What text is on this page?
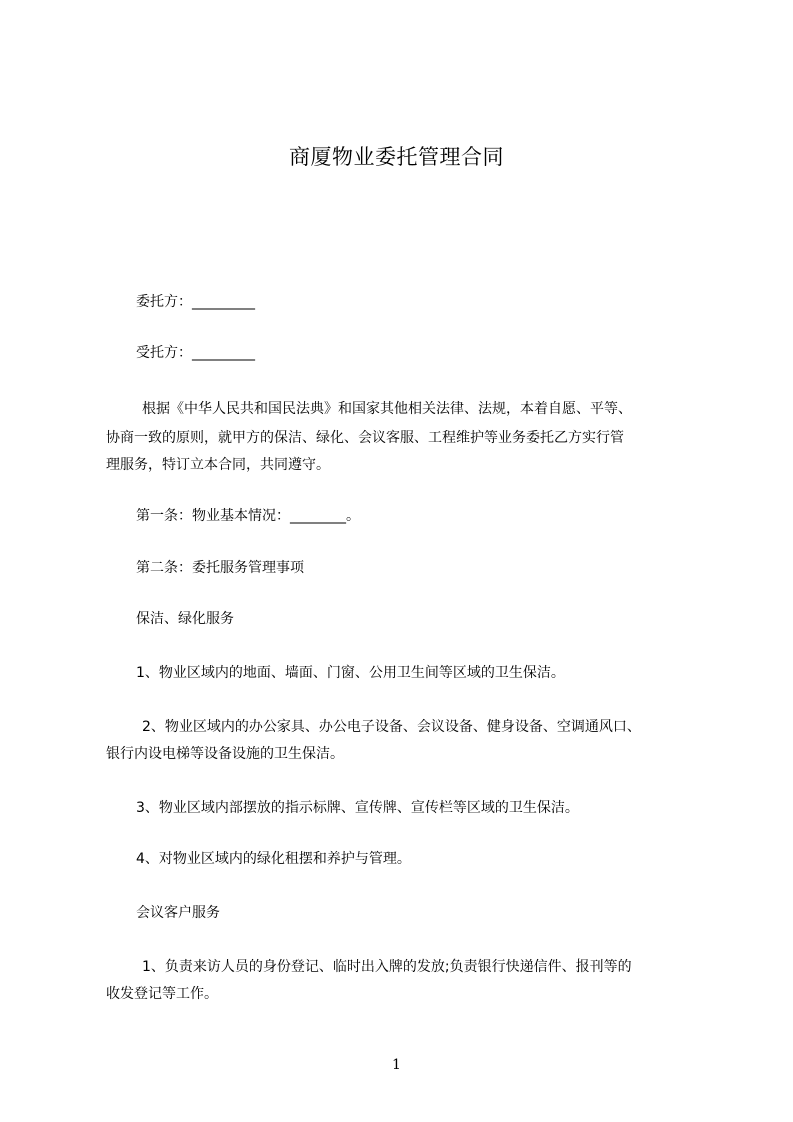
商厦物业委托管理合同
委托方：_________
受托方：_________
根据《中华人民共和国民法典》和国家其他相关法律、法规，本着自愿、平等、
协商一致的原则，就甲方的保洁、绿化、会议客服、工程维护等业务委托乙方实行管
理服务，特订立本合同，共同遵守。
第一条：物业基本情况：________。
第二条：委托服务管理事项
保洁、绿化服务
1、物业区域内的地面、墙面、门窗、公用卫生间等区域的卫生保洁。
2、物业区域内的办公家具、办公电子设备、会议设备、健身设备、空调通风口、
银行内设电梯等设备设施的卫生保洁。
3、物业区域内部摆放的指示标牌、宣传牌、宣传栏等区域的卫生保洁。
4、对物业区域内的绿化租摆和养护与管理。
会议客户服务
1、负责来访人员的身份登记、临时出入牌的发放;负责银行快递信件、报刊等的
收发登记等工作。
1
